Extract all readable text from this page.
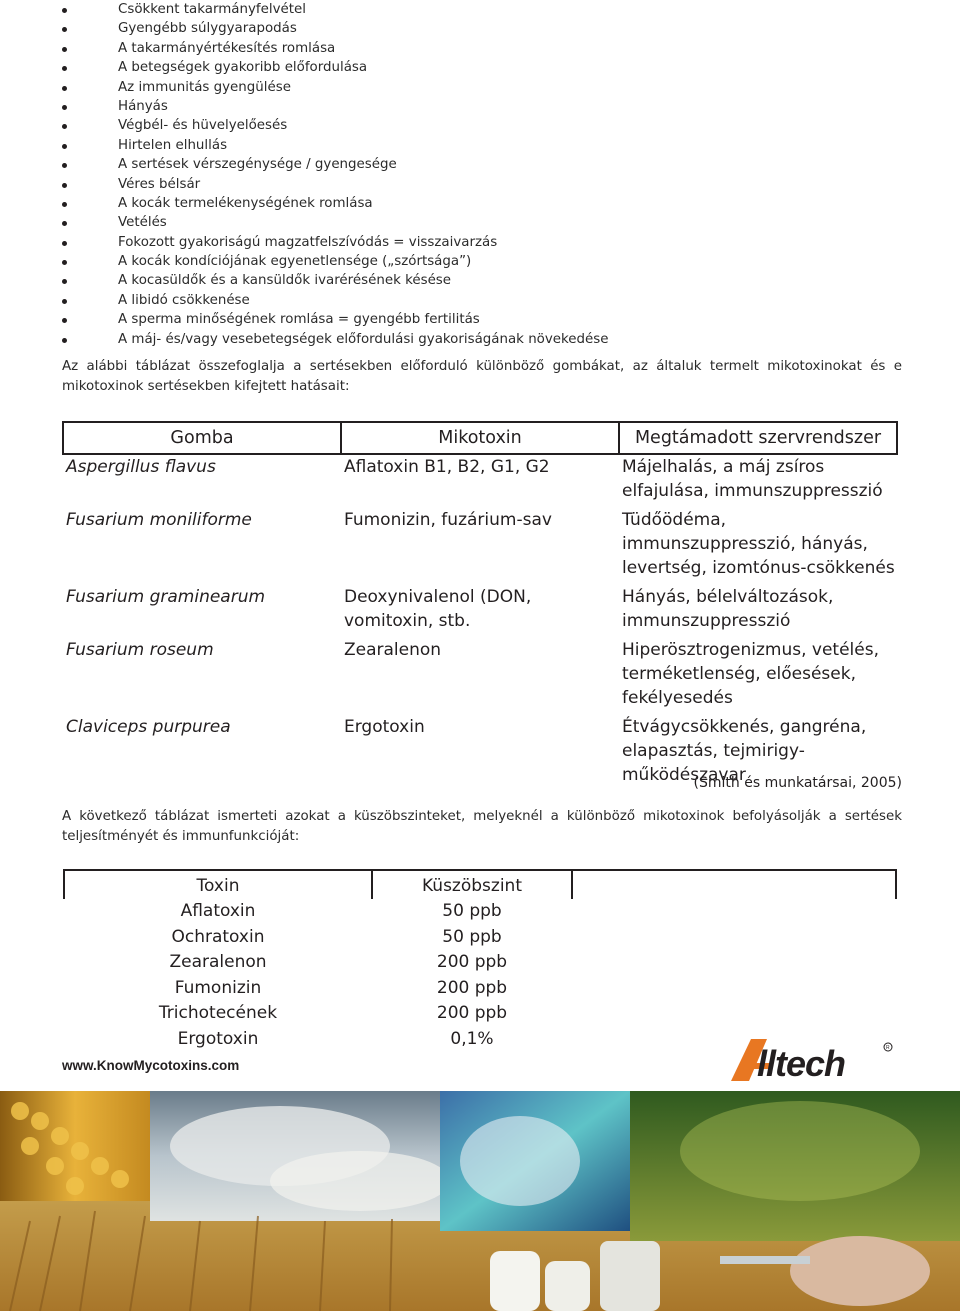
Csökkent takarmányfelvétel
Gyengébb súlygyarapodás
A takarmányértékesítés romlása
A betegségek gyakoribb előfordulása
Az immunitás gyengülése
Hányás
Végbél- és hüvelyelőesés
Hirtelen elhullás
A sertések vérszegénysége / gyengesége
Véres bélsár
A kocák termelékenységének romlása
Vetélés
Fokozott gyakoriságú magzatfelszívódás = visszaivarzás
A kocák kondíciójának egyenetlensége („szórtsága”)
A kocasüldők és a kansüldők ivarérésének késése
A libidó csökkenése
A sperma minőségének romlása = gyengébb fertilitás
A máj- és/vagy vesebetegségek előfordulási gyakoriságának növekedése

Az alábbi táblázat összefoglalja a sertésekben előforduló különböző gombákat, az általuk termelt mikotoxinokat és e mikotoxinok sertésekben kifejtett hatásait:

Gomba	Mikotoxin	Megtámadott szervrendszer
Aspergillus flavus	Aflatoxin B1, B2, G1, G2	Májelhalás, a máj zsíros elfajulása, immunszuppresszió
Fusarium moniliforme	Fumonizin, fuzárium-sav	Tüdőödéma, immunszuppresszió, hányás, levertség, izomtónus-csökkenés
Fusarium graminearum	Deoxynivalenol (DON, vomitoxin, stb.	Hányás, bélelváltozások, immunszuppresszió
Fusarium roseum	Zearalenon	Hiperösztrogenizmus, vetélés, terméketlenség, előesések, fekélyesedés
Claviceps purpurea	Ergotoxin	Étvágycsökkenés, gangréna, elapasztás, tejmirigy-működészavar
(Smith és munkatársai, 2005)

A következő táblázat ismerteti azokat a küszöbszinteket, melyeknél a különböző mikotoxinok befolyásolják a sertések teljesítményét és immunfunkcióját:

Toxin	Küszöbszint	
Aflatoxin	50 ppb	
Ochratoxin	50 ppb	
Zearalenon	200 ppb	
Fumonizin	200 ppb	
Trichotecének	200 ppb	
Ergotoxin	0,1%	
www.KnowMycotoxins.com	lltech	R
